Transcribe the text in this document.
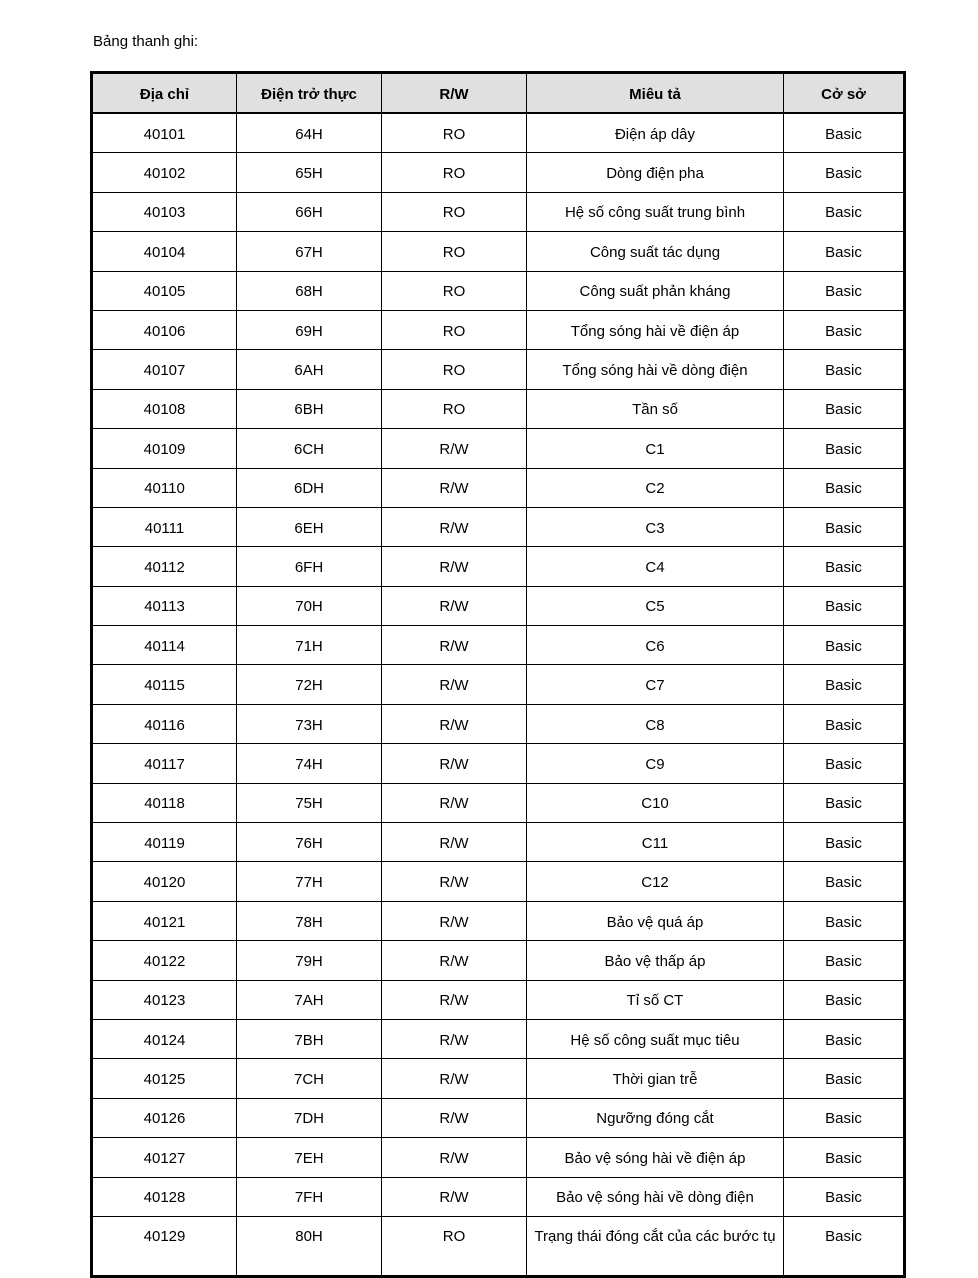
Bảng thanh ghi:
Địa chỉ	Điện trở thực	R/W	Miêu tả	Cở sở
40101	64H	RO	Điện áp dây	Basic
40102	65H	RO	Dòng điện pha	Basic
40103	66H	RO	Hệ số công suất trung bình	Basic
40104	67H	RO	Công suất tác dụng	Basic
40105	68H	RO	Công suất phản kháng	Basic
40106	69H	RO	Tổng sóng hài về điện áp	Basic
40107	6AH	RO	Tổng sóng hài về dòng điện	Basic
40108	6BH	RO	Tần số	Basic
40109	6CH	R/W	C1	Basic
40110	6DH	R/W	C2	Basic
40111	6EH	R/W	C3	Basic
40112	6FH	R/W	C4	Basic
40113	70H	R/W	C5	Basic
40114	71H	R/W	C6	Basic
40115	72H	R/W	C7	Basic
40116	73H	R/W	C8	Basic
40117	74H	R/W	C9	Basic
40118	75H	R/W	C10	Basic
40119	76H	R/W	C11	Basic
40120	77H	R/W	C12	Basic
40121	78H	R/W	Bảo vệ quá áp	Basic
40122	79H	R/W	Bảo vệ thấp áp	Basic
40123	7AH	R/W	Tỉ số CT	Basic
40124	7BH	R/W	Hệ số công suất mục tiêu	Basic
40125	7CH	R/W	Thời gian trễ	Basic
40126	7DH	R/W	Ngưỡng đóng cắt	Basic
40127	7EH	R/W	Bảo vệ sóng hài về điện áp	Basic
40128	7FH	R/W	Bảo vệ sóng hài về dòng điện	Basic
40129	80H	RO	Trạng thái đóng cắt của các bước tụ	Basic
